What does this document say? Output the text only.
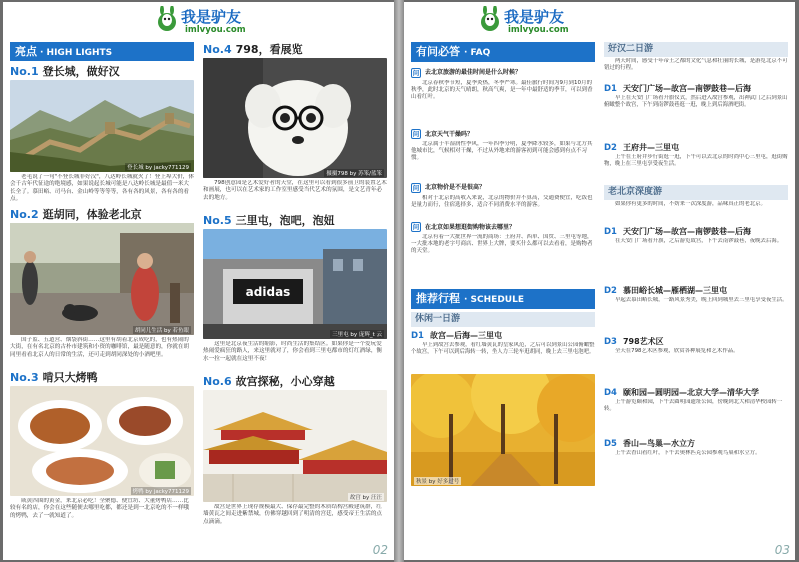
我是驴友
imlvyou.com
亮点 · HIGH LIGHTS
No.1 登长城，做好汉
登长城 by jacky771129
老毛说了一句"不登长城非好汉"，八达岭长城就火了！登上埠大价，体会千古年代征途的绝境感，如果说起长城可能是八达岭长城是最值一米大长全了。慕田峪、司马台、金山岭等等等等，各有各的风景，各有各的看点。
No.2 逛胡同，体验老北京
胡同儿生活 by 若鱼眼
国子监、五道营、烟袋斜街……这里有胡着北京成吃的，也有热闹的大街，在有名北京的古朴市建筑和小资的咖啡馆，最是随意的，你就在胡同里看看北京人的日常的生活，还可走到胡同深处的小酒吧里。
No.3 啃只大烤鸭
烤鸭 by jacky771129
咸黄四围的黄金，来北京必吃！全聚德、便宜坊、大董烤鸭店……比较有名的店，你会在这些随便去哪里吃都，都还是到一北京吃的不一样哦的烤鸭，去了一就知道了。
No.4 798，看展览
摄摄798 by 苏笨/蓝笨
798创意园是艺术爱好者的天堂，在这里可以看到很多前卫的装置艺术和画展，也可以在艺术家的工作室里感受当代艺术的氛围，是文艺青年必去的地方。
No.5 三里屯，泡吧，泡妞
adidas
三里屯 by 庞辉_t 云
这里是北京夜生活的缩影，时尚生活的集结区。如果你是一个爱玩爱热闹爱疯狂的路人，来这里就对了，你会看到三里屯都市的灯红酒绿，衡水一拉一起就在这里不夜！
No.6 故宫探秘，小心穿越
故宫 by 汪汪
故宫是世界上现存规模最大、保存最完整的木质结构宫殿建筑群，红墙黄瓦之间走进紫禁城，仿佛穿越回到了明清的宫廷，感受帝王生活的点点滴滴。
02
我是驴友
imlvyou.com
有问必答 · FAQ
问 去北京旅游的最佳时间是什么时候？
北京春秋季节短，夏季炎热，冬季严寒。最佳旅行时间为9月到10月的秋季，此时北京的天气晴朗，秋高气爽，是一年中最舒适的季节，可以到香山看红叶。
问 北京天气干燥吗？
北京属于半湿润性季风，一年四季分明，夏季降水较多，如果与北方其他城市比，气候相对干燥，不过从外地来的游客初到可能会感到有点不习惯。
问 北京物价是不是很高？
相对于北京的高收入来说，北京的物价并不算高，交通费便宜，吃饭也是量力而行，住宿选择多，适合不同消费水平的游客。
问 在北京如果想逛街购物该去哪里？
北京有着一大批世界一流的商场：王府井、西单、国贸、三里屯等地，一大批本地的老字号商店、世界上大牌，要买什么都可以去看看，是购物者的天堂。
推荐行程 · SCHEDULE
休闲一日游
D1 故宫—后海—三里屯
早上到故宫去参观，看红墙黄瓦的皇家风范，之后可以到景山公园俯瞰整个故宫，下午可以到后海转一转，坐人力三轮车逛胡同，晚上去三里屯泡吧。
秋景 by 好多过号
好汉二日游
两天时间，感受千年帝王之都的文化气息和壮丽的长城，是游览北京不可错过的行程。
D1 天安门广场—故宫—南锣鼓巷—后海
早上在天安门广场看升旗仪式，然后进入故宫参观，出神武门之后到景山俯瞰整个故宫，下午到南锣鼓巷逛一逛，晚上到后海酒吧街。
D2 王府井—三里屯
上午在王府井步行街逛一逛，下午可以去北京的时尚中心三里屯，逛街购物，晚上在三里屯享受夜生活。
老北京深度游
如果你有更多的时间，不妨来一次深度游，品味真正的老北京。
D1 天安门广场—故宫—南锣鼓巷—后海
在天安门广场看升旗，之后游览故宫，下午去南锣鼓巷，夜晚去后海。
D2 慕田峪长城—雁栖湖—三里屯
早起去慕田峪长城，一路风景秀美，晚上回到城里去三里屯享受夜生活。
D3 798艺术区
全天在798艺术区参观，欣赏各种展览和艺术作品。
D4 颐和园—圆明园—北京大学—清华大学
上午游览颐和园，下午去圆明园遗址公园，傍晚到北大和清华校园转一转。
D5 香山—鸟巢—水立方
上午去香山看红叶，下午去奥林匹克公园参观鸟巢和水立方。
03
